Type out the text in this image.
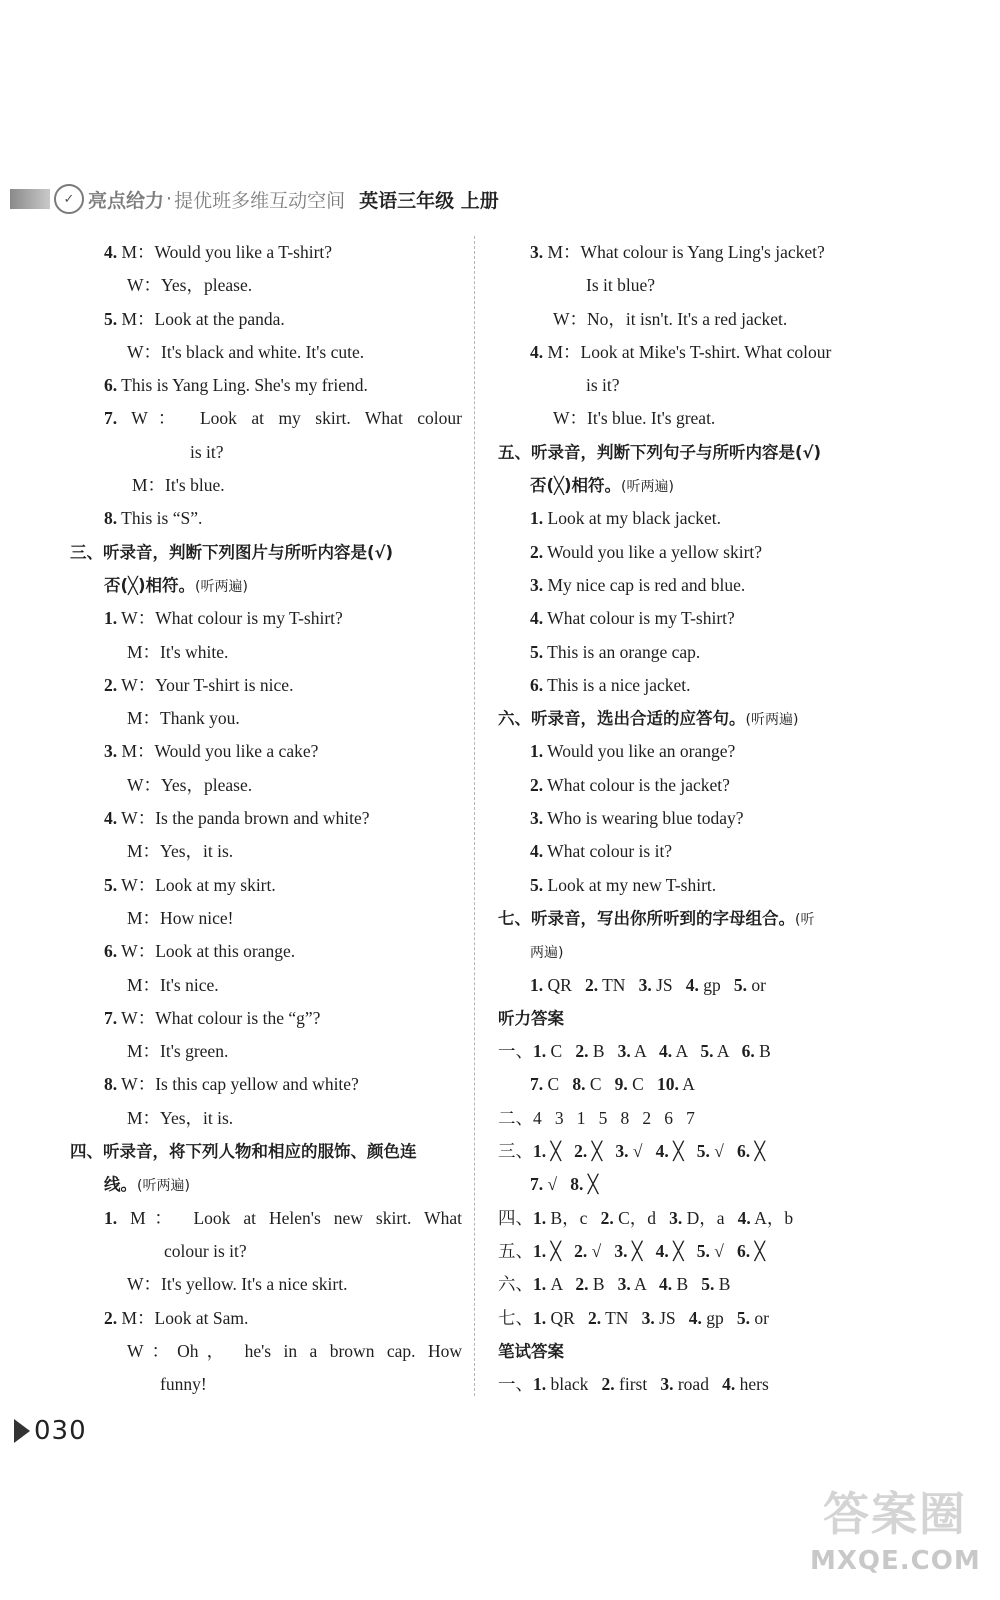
✓ 亮点给力 · 提优班多维互动空间 英语三年级 上册
4. M：Would you like a T-shirt?
W：Yes，please.
5. M：Look at the panda.
W：It's black and white. It's cute.
6. This is Yang Ling. She's my friend.
7. W： Look at my skirt. What colour
is it?
M：It's blue.
8. This is “S”.
三、听录音，判断下列图片与所听内容是(√)
否(╳)相符。(听两遍)
1. W：What colour is my T-shirt?
M：It's white.
2. W：Your T-shirt is nice.
M：Thank you.
3. M：Would you like a cake?
W：Yes，please.
4. W：Is the panda brown and white?
M：Yes，it is.
5. W：Look at my skirt.
M：How nice!
6. W：Look at this orange.
M：It's nice.
7. W：What colour is the “g”?
M：It's green.
8. W：Is this cap yellow and white?
M：Yes，it is.
四、听录音，将下列人物和相应的服饰、颜色连
线。(听两遍)
1. M： Look at Helen's new skirt. What
colour is it?
W：It's yellow. It's a nice skirt.
2. M：Look at Sam.
W：Oh， he's in a brown cap. How
funny!
3. M：What colour is Yang Ling's jacket?
Is it blue?
W：No，it isn't. It's a red jacket.
4. M：Look at Mike's T-shirt. What colour
is it?
W：It's blue. It's great.
五、听录音，判断下列句子与所听内容是(√)
否(╳)相符。(听两遍)
1. Look at my black jacket.
2. Would you like a yellow skirt?
3. My nice cap is red and blue.
4. What colour is my T-shirt?
5. This is an orange cap.
6. This is a nice jacket.
六、听录音，选出合适的应答句。(听两遍)
1. Would you like an orange?
2. What colour is the jacket?
3. Who is wearing blue today?
4. What colour is it?
5. Look at my new T-shirt.
七、听录音，写出你所听到的字母组合。(听
两遍)
1. QR   2. TN   3. JS   4. gp   5. or
听力答案
一、1. C   2. B   3. A   4. A   5. A   6. B
7. C   8. C   9. C   10. A
二、4   3   1   5   8   2   6   7
三、1. ╳   2. ╳   3. √   4. ╳   5. √   6. ╳
7. √   8. ╳
四、1. B，c   2. C，d   3. D，a   4. A，b
五、1. ╳   2. √   3. ╳   4. ╳   5. √   6. ╳
六、1. A   2. B   3. A   4. B   5. B
七、1. QR   2. TN   3. JS   4. gp   5. or
笔试答案
一、1. black   2. first   3. road   4. hers
030
答案圈
MXQE.COM
